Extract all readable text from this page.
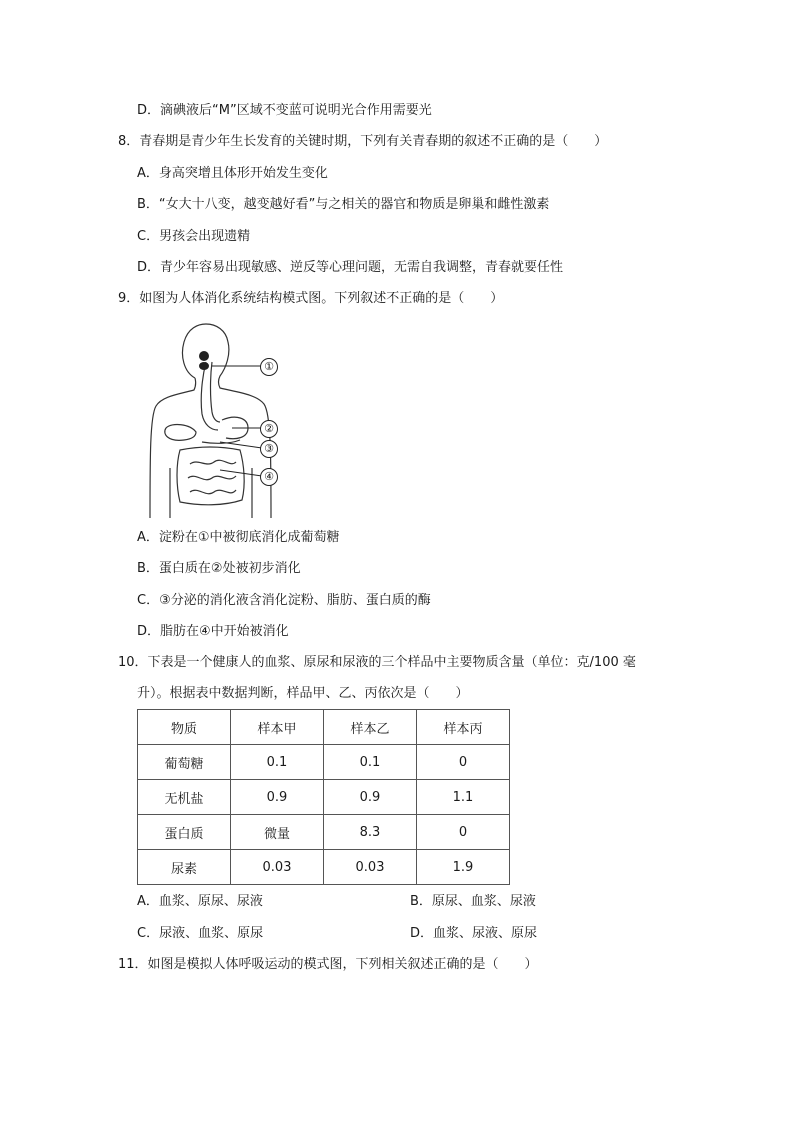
D．滴碘液后“M”区域不变蓝可说明光合作用需要光
8．青春期是青少年生长发育的关键时期，下列有关青春期的叙述不正确的是（　　）
A．身高突增且体形开始发生变化
B．“女大十八变，越变越好看”与之相关的器官和物质是卵巢和雌性激素
C．男孩会出现遗精
D．青少年容易出现敏感、逆反等心理问题，无需自我调整，青春就要任性
9．如图为人体消化系统结构模式图。下列叙述不正确的是（　　）
①
②
③
④
A．淀粉在①中被彻底消化成葡萄糖
B．蛋白质在②处被初步消化
C．③分泌的消化液含消化淀粉、脂肪、蛋白质的酶
D．脂肪在④中开始被消化
10．下表是一个健康人的血浆、原尿和尿液的三个样品中主要物质含量（单位：克/100 毫
升）。根据表中数据判断，样品甲、乙、丙依次是（　　）
物质	样本甲	样本乙	样本丙
葡萄糖	0.1	0.1	0
无机盐	0.9	0.9	1.1
蛋白质	微量	8.3	0
尿素	0.03	0.03	1.9
A．血浆、原尿、尿液	B．原尿、血浆、尿液
C．尿液、血浆、原尿	D．血浆、尿液、原尿
11．如图是模拟人体呼吸运动的模式图，下列相关叙述正确的是（　　）
